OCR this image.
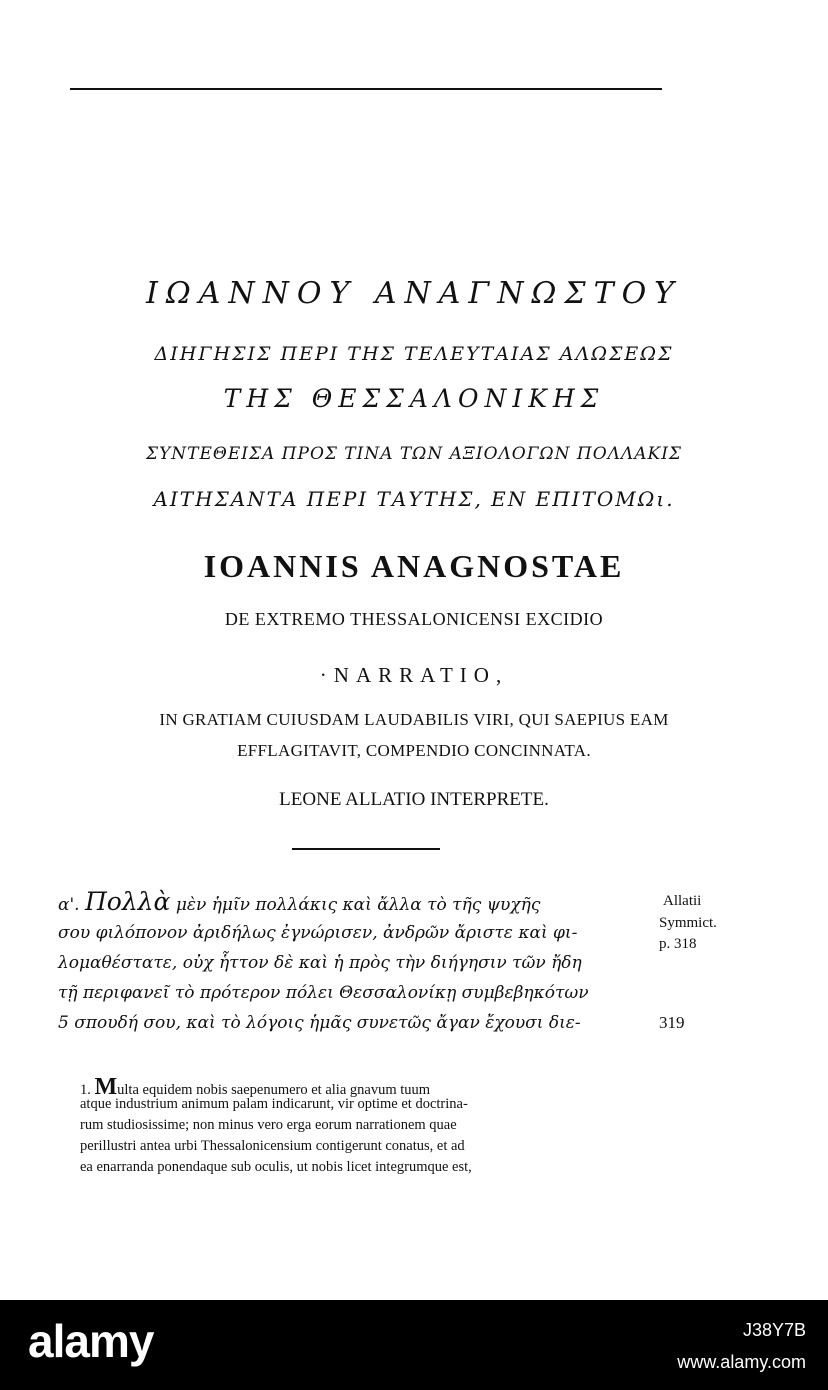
ΙΩΑΝΝΟΥ ΑΝΑΓΝΩΣΤΟΥ
ΔΙΗΓΗΣΙΣ ΠΕΡΙ ΤΗΣ ΤΕΛΕΥΤΑΙΑΣ ΑΛΩΣΕΩΣ
ΤΗΣ ΘΕΣΣΑΛΟΝΙΚΗΣ
ΣΥΝΤΕΘΕΙΣΑ ΠΡΟΣ ΤΙΝΑ ΤΩΝ ΑΞΙΟΛΟΓΩΝ ΠΟΛΛΑΚΙΣ
ΑΙΤΗΣΑΝΤΑ ΠΕΡΙ ΤΑΥΤΗΣ, ΕΝ ΕΠΙΤΟΜΩι.
IOANNIS ANAGNOSTAE
DE EXTREMO THESSALONICENSI EXCIDIO
·NARRATIO,
IN GRATIAM CUIUSDAM LAUDABILIS VIRI, QUI SAEPIUS EAM
EFFLAGITAVIT, COMPENDIO CONCINNATA.
LEONE ALLATIO INTERPRETE.
α'. Πολλὰ μὲν ἡμῖν πολλάκις καὶ ἄλλα τὸ τῆς ψυχῆς
σου φιλόπονον ἀριδήλως ἐγνώρισεν, ἀνδρῶν ἄριστε καὶ φι-
λομαθέστατε, οὐχ ἧττον δὲ καὶ ἡ πρὸς τὴν διήγησιν τῶν ἤδη
τῇ περιφανεῖ τὸ πρότερον πόλει Θεσσαλονίκῃ συμβεβηκότων
5 σπουδή σου, καὶ τὸ λόγοις ἡμᾶς συνετῶς ἄγαν ἔχουσι διε-
Allatii
Symmict.
p. 318
319
1. Multa equidem nobis saepenumero et alia gnavum tuum
atque industrium animum palam indicarunt, vir optime et doctrina-
rum studiosissime; non minus vero erga eorum narrationem quae
perillustri antea urbi Thessalonicensium contigerunt conatus, et ad
ea enarranda ponendaque sub oculis, ut nobis licet integrumque est,
alamy	J38Y7B
www.alamy.com
